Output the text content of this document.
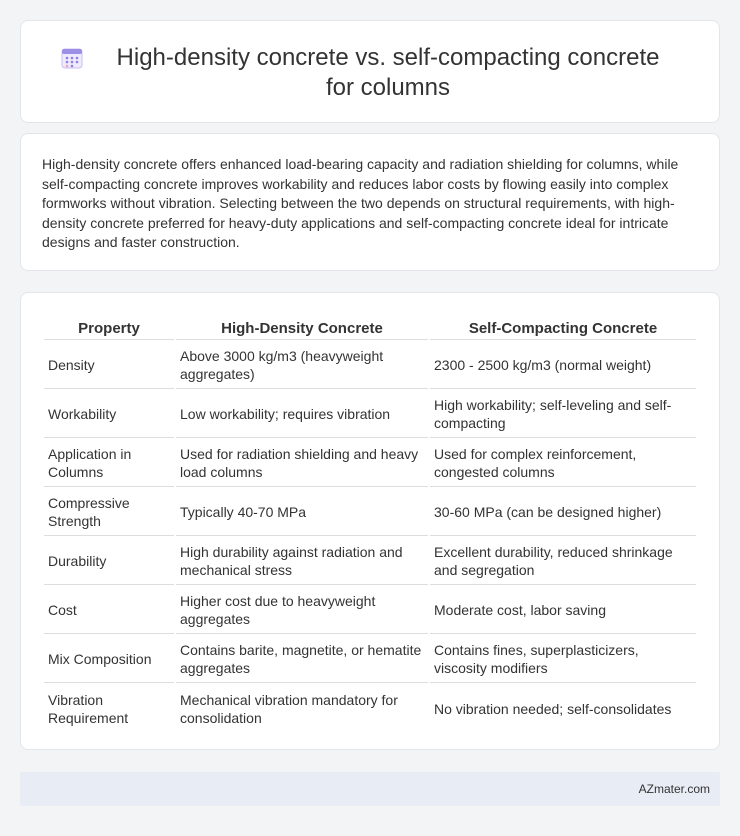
High-density concrete vs. self-compacting concrete for columns

High-density concrete offers enhanced load-bearing capacity and radiation shielding for columns, while self-compacting concrete improves workability and reduces labor costs by flowing easily into complex formworks without vibration. Selecting between the two depends on structural requirements, with high-density concrete preferred for heavy-duty applications and self-compacting concrete ideal for intricate designs and faster construction.

Property	High-Density Concrete	Self-Compacting Concrete
Density	Above 3000 kg/m3 (heavyweight aggregates)	2300 - 2500 kg/m3 (normal weight)
Workability	Low workability; requires vibration	High workability; self-leveling and self-compacting
Application in Columns	Used for radiation shielding and heavy load columns	Used for complex reinforcement, congested columns
Compressive Strength	Typically 40-70 MPa	30-60 MPa (can be designed higher)
Durability	High durability against radiation and mechanical stress	Excellent durability, reduced shrinkage and segregation
Cost	Higher cost due to heavyweight aggregates	Moderate cost, labor saving
Mix Composition	Contains barite, magnetite, or hematite aggregates	Contains fines, superplasticizers, viscosity modifiers
Vibration Requirement	Mechanical vibration mandatory for consolidation	No vibration needed; self-consolidates
AZmater.com
